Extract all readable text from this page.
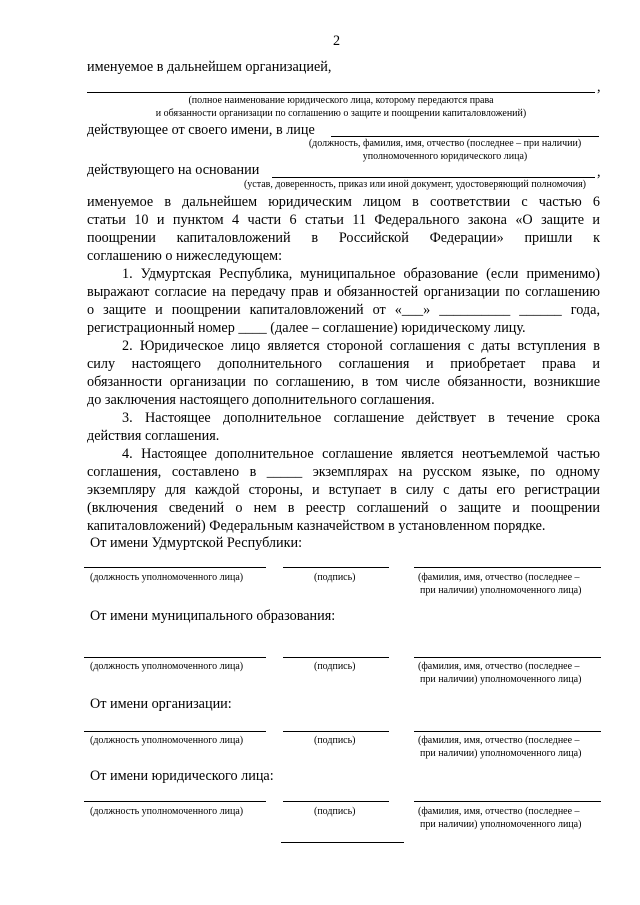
2
именуемое в дальнейшем организацией,
,
(полное наименование юридического лица, которому передаются права
и обязанности организации по соглашению о защите и поощрении капиталовложений)
действующее от своего имени, в лице
(должность, фамилия, имя, отчество (последнее – при наличии)
уполномоченного юридического лица)
действующего на основании	,
(устав, доверенность, приказ или иной документ, удостоверяющий полномочия)
именуемое в дальнейшем юридическим лицом в соответствии с частью 6
статьи 10 и пунктом 4 части 6 статьи 11 Федерального закона «О защите и
поощрении капиталовложений в Российской Федерации» пришли к
соглашению о нижеследующем:
1. Удмуртская Республика, муниципальное образование (если применимо)
выражают согласие на передачу прав и обязанностей организации по соглашению
о защите и поощрении капиталовложений от «___» __________ ______ года,
регистрационный номер ____ (далее – соглашение) юридическому лицу.
2. Юридическое лицо является стороной соглашения с даты вступления в
силу настоящего дополнительного соглашения и приобретает права и
обязанности организации по соглашению, в том числе обязанности, возникшие
до заключения настоящего дополнительного соглашения.
3. Настоящее дополнительное соглашение действует в течение срока
действия соглашения.
4. Настоящее дополнительное соглашение является неотъемлемой частью
соглашения, составлено в _____ экземплярах на русском языке, по одному
экземпляру для каждой стороны, и вступает в силу с даты его регистрации
(включения сведений о нем в реестр соглашений о защите и поощрении
капиталовложений) Федеральным казначейством в установленном порядке.
От имени Удмуртской Республики:
(должность уполномоченного лица)	(подпись)	(фамилия, имя, отчество (последнее –
при наличии) уполномоченного лица)
От имени муниципального образования:
(должность уполномоченного лица)	(подпись)	(фамилия, имя, отчество (последнее –
при наличии) уполномоченного лица)
От имени организации:
(должность уполномоченного лица)	(подпись)	(фамилия, имя, отчество (последнее –
при наличии) уполномоченного лица)
От имени юридического лица:
(должность уполномоченного лица)	(подпись)	(фамилия, имя, отчество (последнее –
при наличии) уполномоченного лица)
